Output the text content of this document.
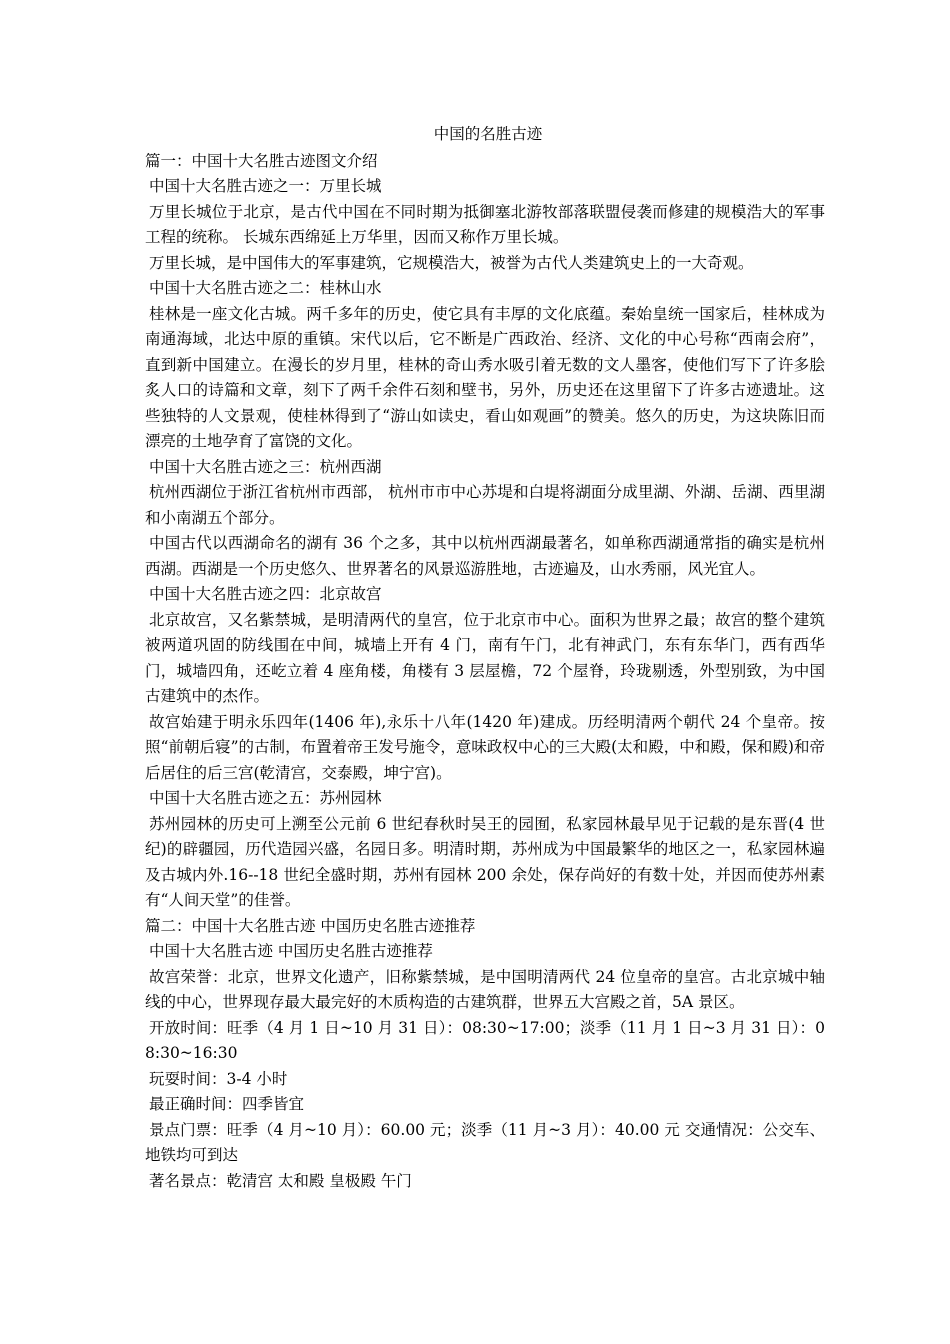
中国的名胜古迹
篇一：中国十大名胜古迹图文介绍
中国十大名胜古迹之一：万里长城
万里长城位于北京，是古代中国在不同时期为抵御塞北游牧部落联盟侵袭而修建的规模浩大的军事工程的统称。 长城东西绵延上万华里，因而又称作万里长城。
万里长城，是中国伟大的军事建筑，它规模浩大，被誉为古代人类建筑史上的一大奇观。
中国十大名胜古迹之二：桂林山水
桂林是一座文化古城。两千多年的历史，使它具有丰厚的文化底蕴。秦始皇统一国家后，桂林成为南通海域，北达中原的重镇。宋代以后，它不断是广西政治、经济、文化的中心号称“西南会府”，直到新中国建立。在漫长的岁月里，桂林的奇山秀水吸引着无数的文人墨客，使他们写下了许多脍炙人口的诗篇和文章，刻下了两千余件石刻和壁书，另外，历史还在这里留下了许多古迹遗址。这些独特的人文景观，使桂林得到了“游山如读史，看山如观画”的赞美。悠久的历史，为这块陈旧而漂亮的土地孕育了富饶的文化。
中国十大名胜古迹之三：杭州西湖
杭州西湖位于浙江省杭州市西部， 杭州市市中心苏堤和白堤将湖面分成里湖、外湖、岳湖、西里湖和小南湖五个部分。
中国古代以西湖命名的湖有 36 个之多，其中以杭州西湖最著名，如单称西湖通常指的确实是杭州西湖。西湖是一个历史悠久、世界著名的风景巡游胜地，古迹遍及，山水秀丽，风光宜人。
中国十大名胜古迹之四：北京故宫
北京故宫，又名紫禁城，是明清两代的皇宫，位于北京市中心。面积为世界之最；故宫的整个建筑被两道巩固的防线围在中间，城墙上开有 4 门，南有午门，北有神武门，东有东华门，西有西华门，城墙四角，还屹立着 4 座角楼，角楼有 3 层屋檐，72 个屋脊，玲珑剔透，外型别致，为中国古建筑中的杰作。
故宫始建于明永乐四年(1406 年),永乐十八年(1420 年)建成。历经明清两个朝代 24 个皇帝。按照“前朝后寝”的古制，布置着帝王发号施令，意味政权中心的三大殿(太和殿，中和殿，保和殿)和帝后居住的后三宫(乾清宫，交泰殿，坤宁宫)。
中国十大名胜古迹之五：苏州园林
苏州园林的历史可上溯至公元前 6 世纪春秋时吴王的园囿，私家园林最早见于记载的是东晋(4 世纪)的辟疆园，历代造园兴盛，名园日多。明清时期，苏州成为中国最繁华的地区之一，私家园林遍及古城内外.16--18 世纪全盛时期，苏州有园林 200 余处，保存尚好的有数十处，并因而使苏州素有“人间天堂”的佳誉。
篇二：中国十大名胜古迹 中国历史名胜古迹推荐
中国十大名胜古迹 中国历史名胜古迹推荐
故宫荣誉：北京，世界文化遗产，旧称紫禁城，是中国明清两代 24 位皇帝的皇宫。古北京城中轴线的中心，世界现存最大最完好的木质构造的古建筑群，世界五大宫殿之首，5A 景区。
开放时间：旺季（4 月 1 日~10 月 31 日）：08:30~17:00；淡季（11 月 1 日~3 月 31 日）：08:30~16:30
玩耍时间：3-4 小时
最正确时间：四季皆宜
景点门票：旺季（4 月~10 月）：60.00 元；淡季（11 月~3 月）：40.00 元 交通情况：公交车、地铁均可到达
著名景点：乾清宫 太和殿 皇极殿 午门
